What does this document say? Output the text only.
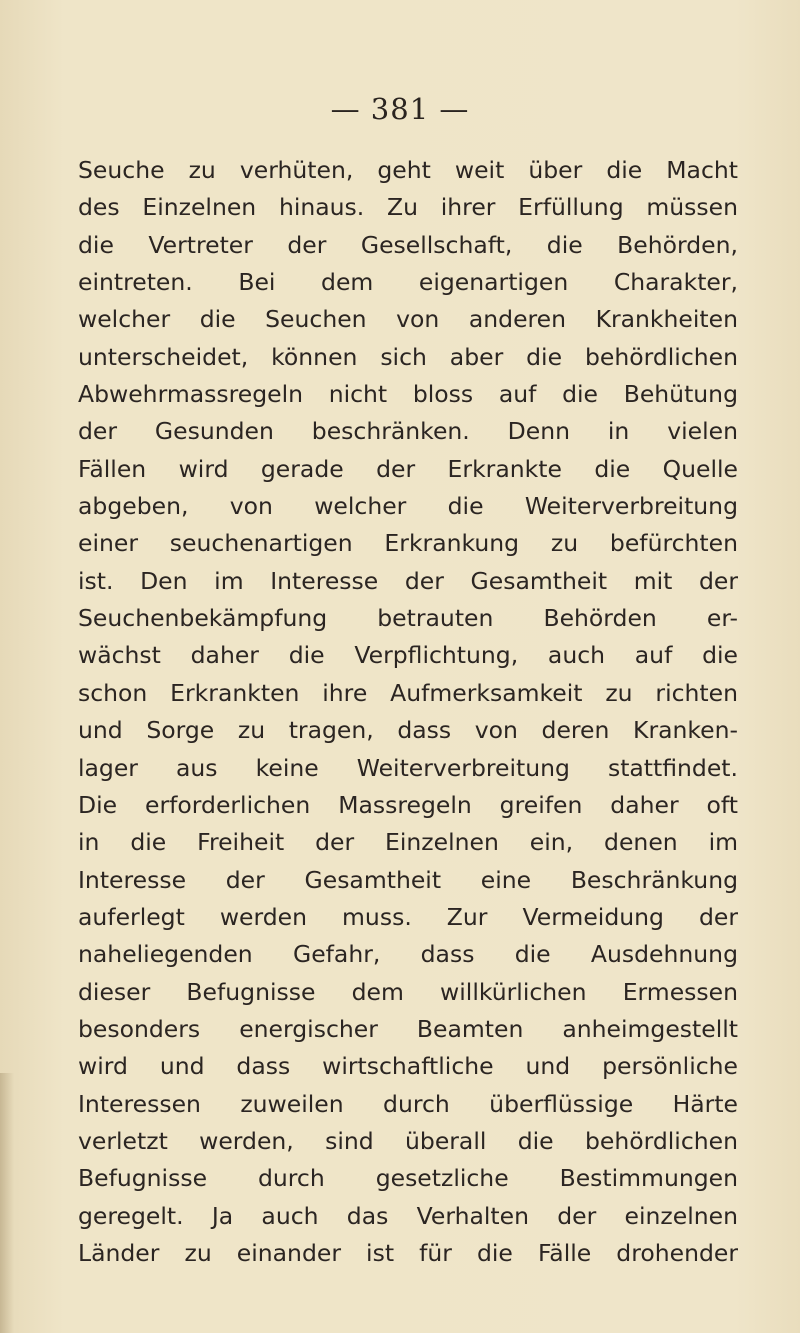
— 381 —
Seuche zu verhüten, geht weit über die Macht
des Einzelnen hinaus. Zu ihrer Erfüllung müssen
die Vertreter der Gesellschaft, die Behörden,
eintreten. Bei dem eigenartigen Charakter,
welcher die Seuchen von anderen Krankheiten
unterscheidet, können sich aber die behördlichen
Abwehrmassregeln nicht bloss auf die Behütung
der Gesunden beschränken. Denn in vielen
Fällen wird gerade der Erkrankte die Quelle
abgeben, von welcher die Weiterverbreitung
einer seuchenartigen Erkrankung zu befürchten
ist. Den im Interesse der Gesamtheit mit der
Seuchenbekämpfung betrauten Behörden er-
wächst daher die Verpflichtung, auch auf die
schon Erkrankten ihre Aufmerksamkeit zu richten
und Sorge zu tragen, dass von deren Kranken-
lager aus keine Weiterverbreitung stattfindet.
Die erforderlichen Massregeln greifen daher oft
in die Freiheit der Einzelnen ein, denen im
Interesse der Gesamtheit eine Beschränkung
auferlegt werden muss. Zur Vermeidung der
naheliegenden Gefahr, dass die Ausdehnung
dieser Befugnisse dem willkürlichen Ermessen
besonders energischer Beamten anheimgestellt
wird und dass wirtschaftliche und persönliche
Interessen zuweilen durch überflüssige Härte
verletzt werden, sind überall die behördlichen
Befugnisse durch gesetzliche Bestimmungen
geregelt. Ja auch das Verhalten der einzelnen
Länder zu einander ist für die Fälle drohender
